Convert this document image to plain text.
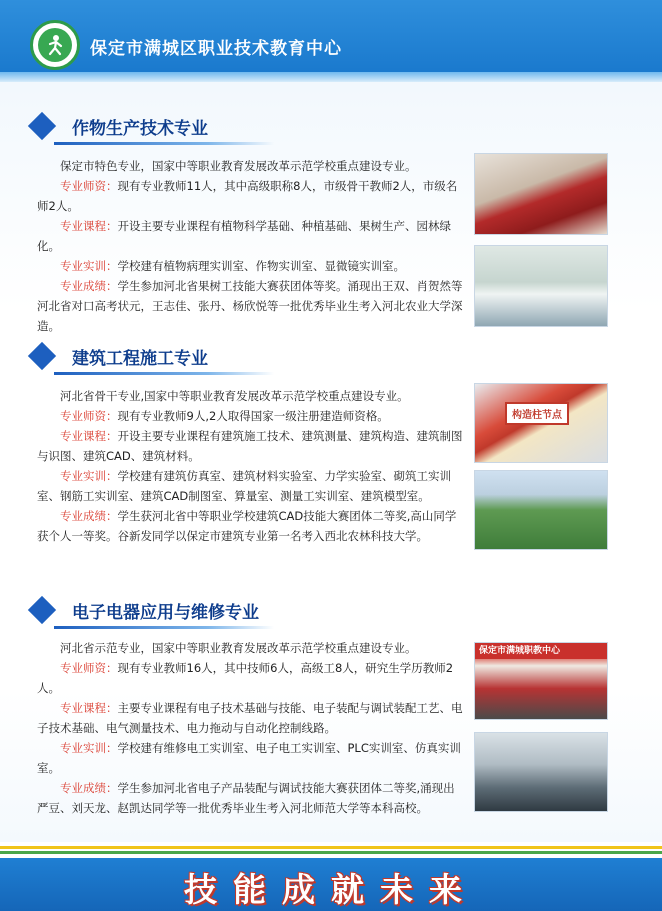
保定市满城区职业技术教育中心
作物生产技术专业

保定市特色专业，国家中等职业教育发展改革示范学校重点建设专业。

专业师资：现有专业教师11人，其中高级职称8人，市级骨干教师2人，市级名师2人。

专业课程：开设主要专业课程有植物科学基础、种植基础、果树生产、园林绿化。

专业实训：学校建有植物病理实训室、作物实训室、显微镜实训室。

专业成绩：学生参加河北省果树工技能大赛获团体等奖。涌现出王双、肖贺然等河北省对口高考状元，王志佳、张丹、杨欣悦等一批优秀毕业生考入河北农业大学深造。

建筑工程施工专业

河北省骨干专业,国家中等职业教育发展改革示范学校重点建设专业。

专业师资：现有专业教师9人,2人取得国家一级注册建造师资格。

专业课程：开设主要专业课程有建筑施工技术、建筑测量、建筑构造、建筑制图与识图、建筑CAD、建筑材料。

专业实训：学校建有建筑仿真室、建筑材料实验室、力学实验室、砌筑工实训室、钢筋工实训室、建筑CAD制图室、算量室、测量工实训室、建筑模型室。

专业成绩：学生获河北省中等职业学校建筑CAD技能大赛团体二等奖,高山同学获个人一等奖。谷新发同学以保定市建筑专业第一名考入西北农林科技大学。

构造柱节点
电子电器应用与维修专业

河北省示范专业，国家中等职业教育发展改革示范学校重点建设专业。

专业师资：现有专业教师16人，其中技师6人，高级工8人，研究生学历教师2人。

专业课程：主要专业课程有电子技术基础与技能、电子装配与调试装配工艺、电子技术基础、电气测量技术、电力拖动与自动化控制线路。

专业实训：学校建有维修电工实训室、电子电工实训室、PLC实训室、仿真实训室。

专业成绩：学生参加河北省电子产品装配与调试技能大赛获团体二等奖,涌现出严豆、刘天龙、赵凯达同学等一批优秀毕业生考入河北师范大学等本科高校。

保定市满城职教中心
技能成就未来
